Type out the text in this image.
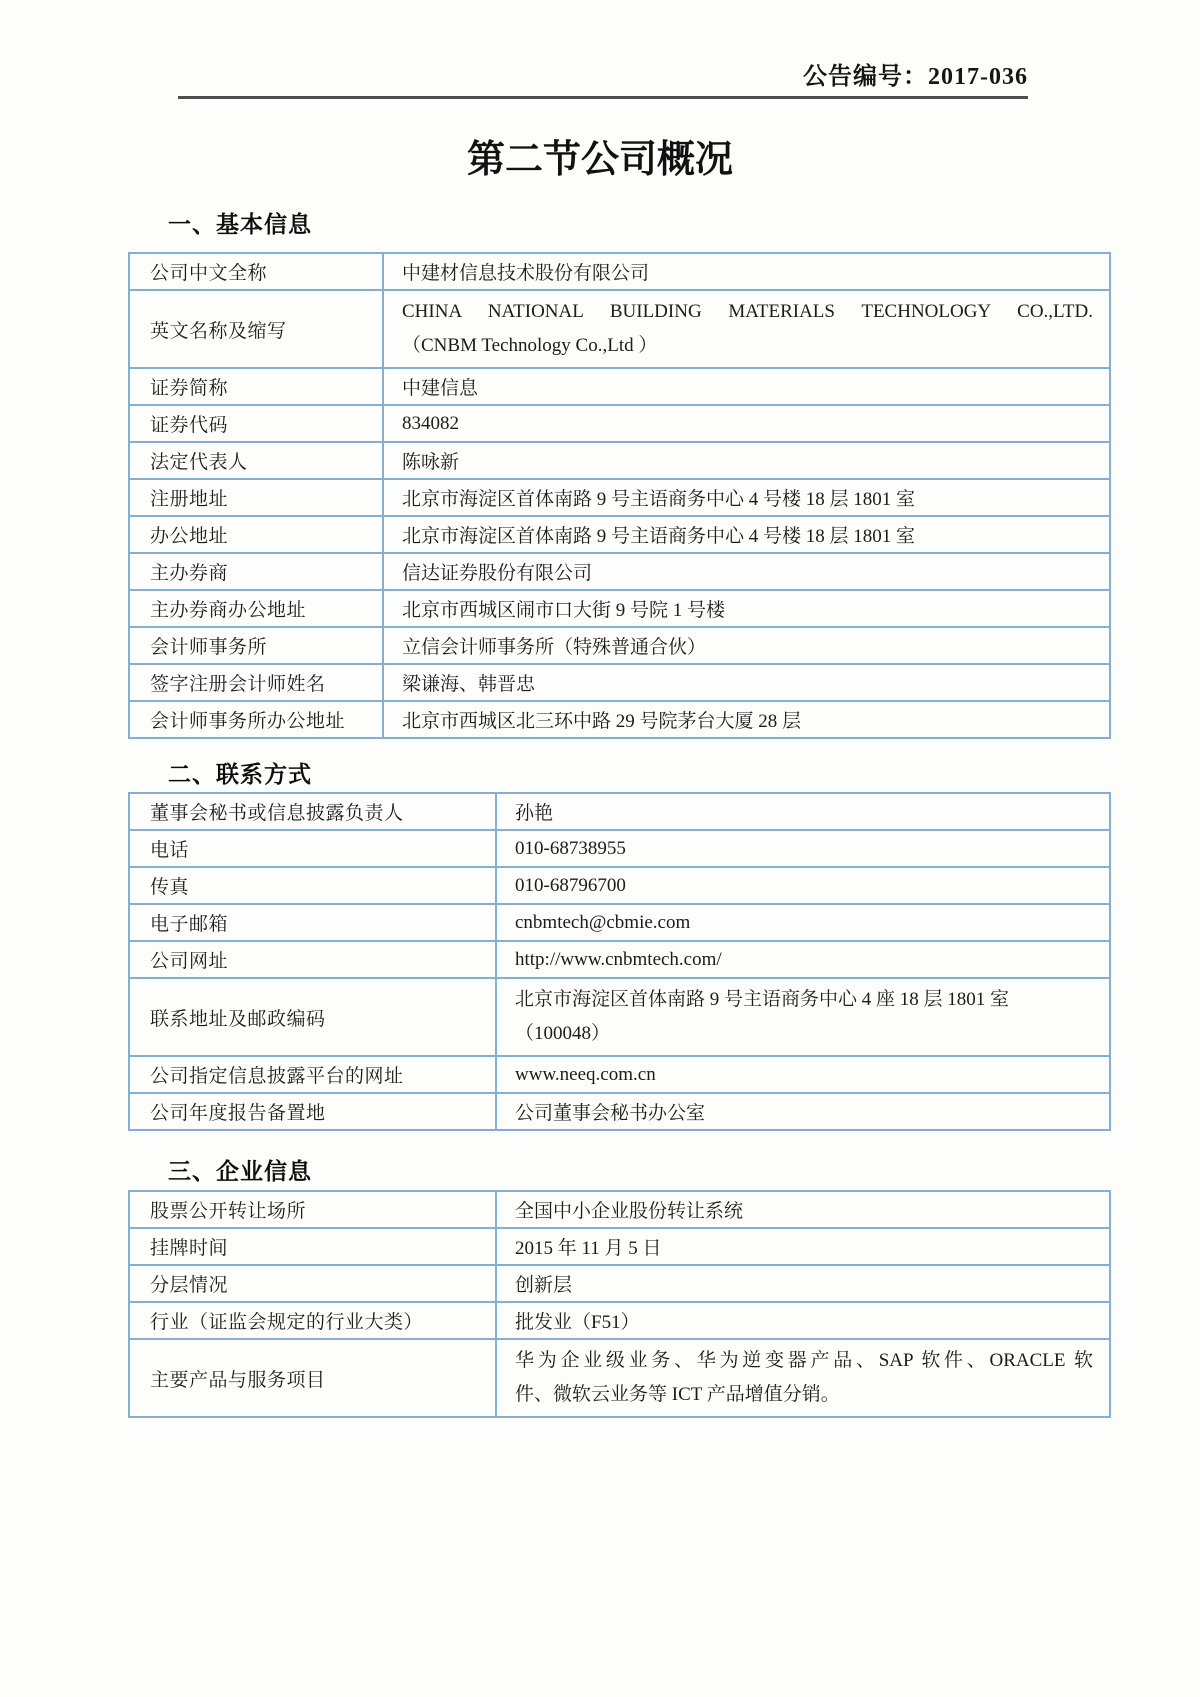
公告编号：2017-036
第二节公司概况
一、基本信息
公司中文全称	中建材信息技术股份有限公司
英文名称及缩写	CHINA NATIONAL BUILDING MATERIALS TECHNOLOGY CO.,LTD.
（CNBM Technology Co.,Ltd ）

证券简称	中建信息
证券代码	834082
法定代表人	陈咏新
注册地址	北京市海淀区首体南路 9 号主语商务中心 4 号楼 18 层 1801 室
办公地址	北京市海淀区首体南路 9 号主语商务中心 4 号楼 18 层 1801 室
主办券商	信达证券股份有限公司
主办券商办公地址	北京市西城区闹市口大街 9 号院 1 号楼
会计师事务所	立信会计师事务所（特殊普通合伙）
签字注册会计师姓名	梁谦海、韩晋忠
会计师事务所办公地址	北京市西城区北三环中路 29 号院茅台大厦 28 层
二、联系方式
董事会秘书或信息披露负责人	孙艳
电话	010-68738955
传真	010-68796700
电子邮箱	cnbmtech@cbmie.com
公司网址	http://www.cnbmtech.com/
联系地址及邮政编码	北京市海淀区首体南路 9 号主语商务中心 4 座 18 层 1801 室
（100048）

公司指定信息披露平台的网址	www.neeq.com.cn
公司年度报告备置地	公司董事会秘书办公室
三、企业信息
股票公开转让场所	全国中小企业股份转让系统
挂牌时间	2015 年 11 月 5 日
分层情况	创新层
行业（证监会规定的行业大类）	批发业（F51）
主要产品与服务项目	华为企业级业务、华为逆变器产品、SAP 软件、ORACLE 软
件、微软云业务等 ICT 产品增值分销。
